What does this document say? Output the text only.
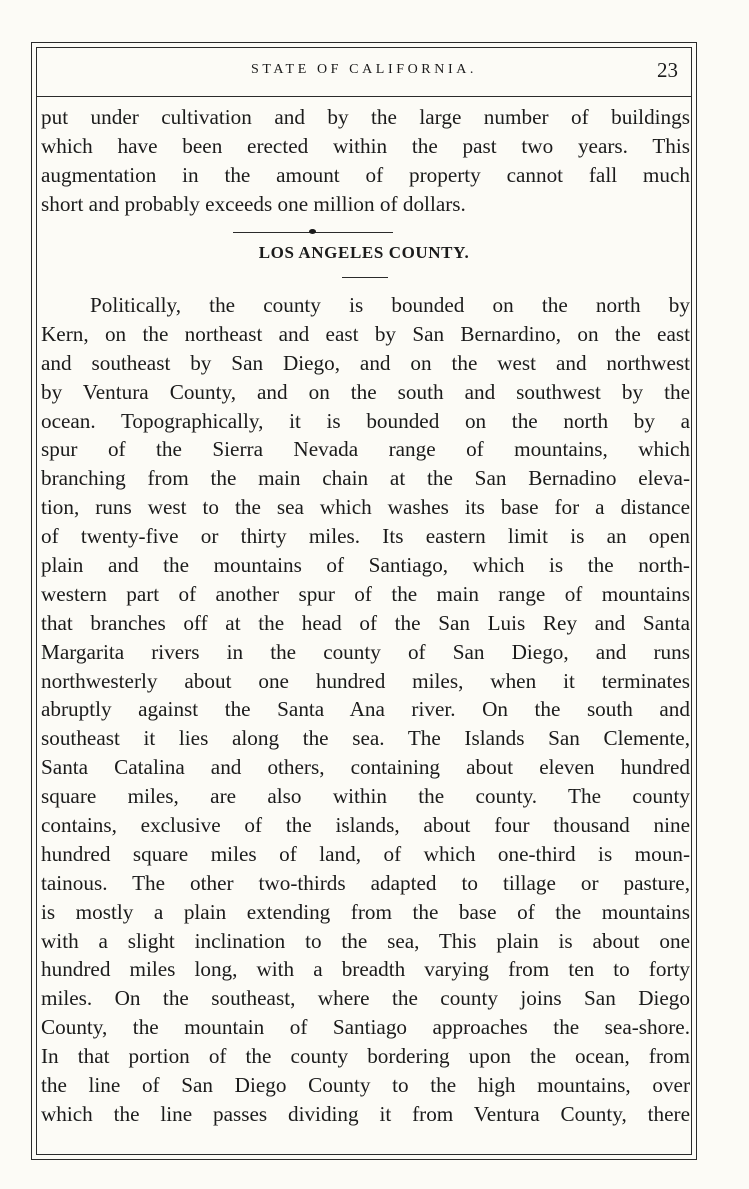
STATE OF CALIFORNIA.	23
put under cultivation and by the large number of buildings
which have been erected within the past two years. This
augmentation in the amount of property cannot fall much
short and probably exceeds one million of dollars.
LOS ANGELES COUNTY.
Politically, the county is bounded on the north by
Kern, on the northeast and east by San Bernardino, on the east
and southeast by San Diego, and on the west and northwest
by Ventura County, and on the south and southwest by the
ocean. Topographically, it is bounded on the north by a
spur of the Sierra Nevada range of mountains, which
branching from the main chain at the San Bernadino eleva-
tion, runs west to the sea which washes its base for a distance
of twenty-five or thirty miles. Its eastern limit is an open
plain and the mountains of Santiago, which is the north-
western part of another spur of the main range of mountains
that branches off at the head of the San Luis Rey and Santa
Margarita rivers in the county of San Diego, and runs
northwesterly about one hundred miles, when it terminates
abruptly against the Santa Ana river. On the south and
southeast it lies along the sea. The Islands San Clemente,
Santa Catalina and others, containing about eleven hundred
square miles, are also within the county. The county
contains, exclusive of the islands, about four thousand nine
hundred square miles of land, of which one-third is moun-
tainous. The other two-thirds adapted to tillage or pasture,
is mostly a plain extending from the base of the mountains
with a slight inclination to the sea, This plain is about one
hundred miles long, with a breadth varying from ten to forty
miles. On the southeast, where the county joins San Diego
County, the mountain of Santiago approaches the sea-shore.
In that portion of the county bordering upon the ocean, from
the line of San Diego County to the high mountains, over
which the line passes dividing it from Ventura County, there
